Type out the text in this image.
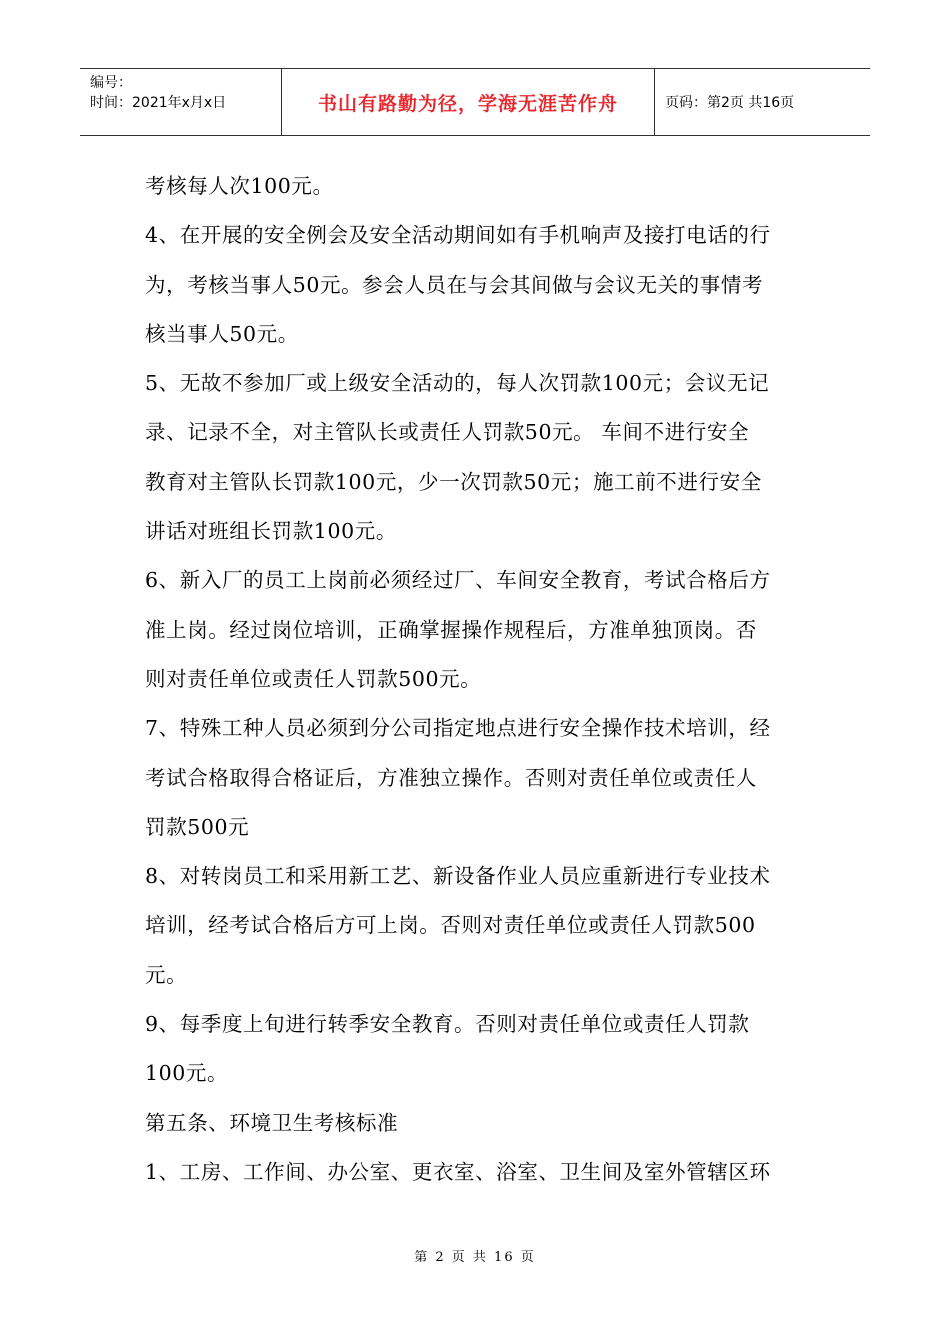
编号：
时间：2021年x月x日	书山有路勤为径，学海无涯苦作舟	页码：第2页 共16页
考核每人次100元。
4、在开展的安全例会及安全活动期间如有手机响声及接打电话的行
为，考核当事人50元。参会人员在与会其间做与会议无关的事情考
核当事人50元。
5、无故不参加厂或上级安全活动的，每人次罚款100元；会议无记
录、记录不全，对主管队长或责任人罚款50元。 车间不进行安全
教育对主管队长罚款100元，少一次罚款50元；施工前不进行安全
讲话对班组长罚款100元。
6、新入厂的员工上岗前必须经过厂、车间安全教育，考试合格后方
准上岗。经过岗位培训，正确掌握操作规程后，方准单独顶岗。否
则对责任单位或责任人罚款500元。
7、特殊工种人员必须到分公司指定地点进行安全操作技术培训，经
考试合格取得合格证后，方准独立操作。否则对责任单位或责任人
罚款500元
8、对转岗员工和采用新工艺、新设备作业人员应重新进行专业技术
培训，经考试合格后方可上岗。否则对责任单位或责任人罚款500
元。
9、每季度上旬进行转季安全教育。否则对责任单位或责任人罚款
100元。
第五条、环境卫生考核标准
1、工房、工作间、办公室、更衣室、浴室、卫生间及室外管辖区环
第 2 页 共 16 页
